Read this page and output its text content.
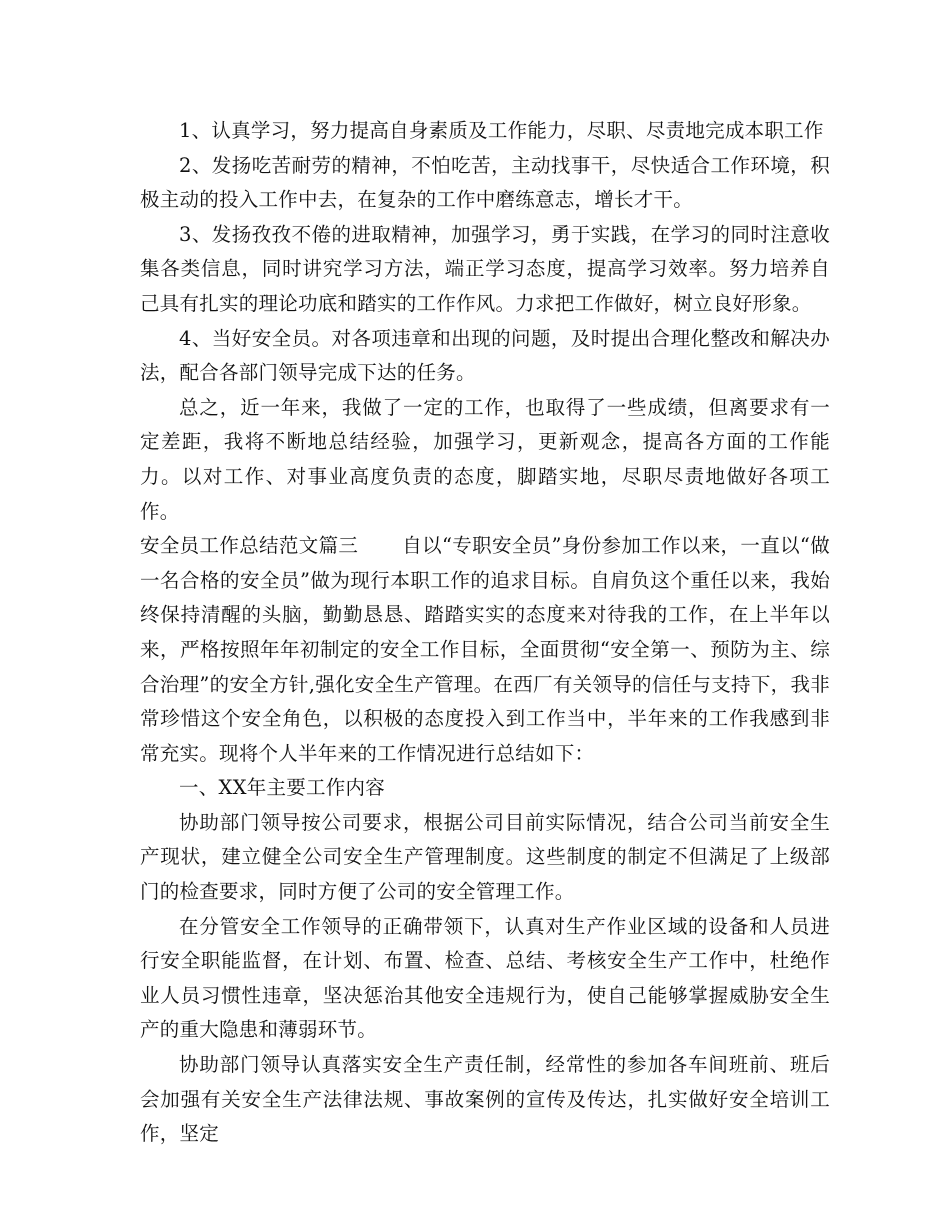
1、认真学习，努力提高自身素质及工作能力，尽职、尽责地完成本职工作

2、发扬吃苦耐劳的精神，不怕吃苦，主动找事干，尽快适合工作环境，积极主动的投入工作中去，在复杂的工作中磨练意志，增长才干。

3、发扬孜孜不倦的进取精神，加强学习，勇于实践，在学习的同时注意收集各类信息，同时讲究学习方法，端正学习态度，提高学习效率。努力培养自己具有扎实的理论功底和踏实的工作作风。力求把工作做好，树立良好形象。

4、当好安全员。对各项违章和出现的问题，及时提出合理化整改和解决办法，配合各部门领导完成下达的任务。

总之，近一年来，我做了一定的工作，也取得了一些成绩，但离要求有一定差距，我将不断地总结经验，加强学习，更新观念，提高各方面的工作能力。以对工作、对事业高度负责的态度，脚踏实地，尽职尽责地做好各项工作。

安全员工作总结范文篇三 自以“专职安全员”身份参加工作以来，一直以“做一名合格的安全员”做为现行本职工作的追求目标。自肩负这个重任以来，我始终保持清醒的头脑，勤勤恳恳、踏踏实实的态度来对待我的工作，在上半年以来，严格按照年年初制定的安全工作目标，全面贯彻“安全第一、预防为主、综合治理”的安全方针,强化安全生产管理。在西厂有关领导的信任与支持下，我非常珍惜这个安全角色，以积极的态度投入到工作当中，半年来的工作我感到非常充实。现将个人半年来的工作情况进行总结如下：

一、XX年主要工作内容

协助部门领导按公司要求，根据公司目前实际情况，结合公司当前安全生产现状，建立健全公司安全生产管理制度。这些制度的制定不但满足了上级部门的检查要求，同时方便了公司的安全管理工作。

在分管安全工作领导的正确带领下，认真对生产作业区域的设备和人员进行安全职能监督，在计划、布置、检查、总结、考核安全生产工作中，杜绝作业人员习惯性违章，坚决惩治其他安全违规行为，使自己能够掌握威胁安全生产的重大隐患和薄弱环节。

协助部门领导认真落实安全生产责任制，经常性的参加各车间班前、班后会加强有关安全生产法律法规、事故案例的宣传及传达，扎实做好安全培训工作，坚定
